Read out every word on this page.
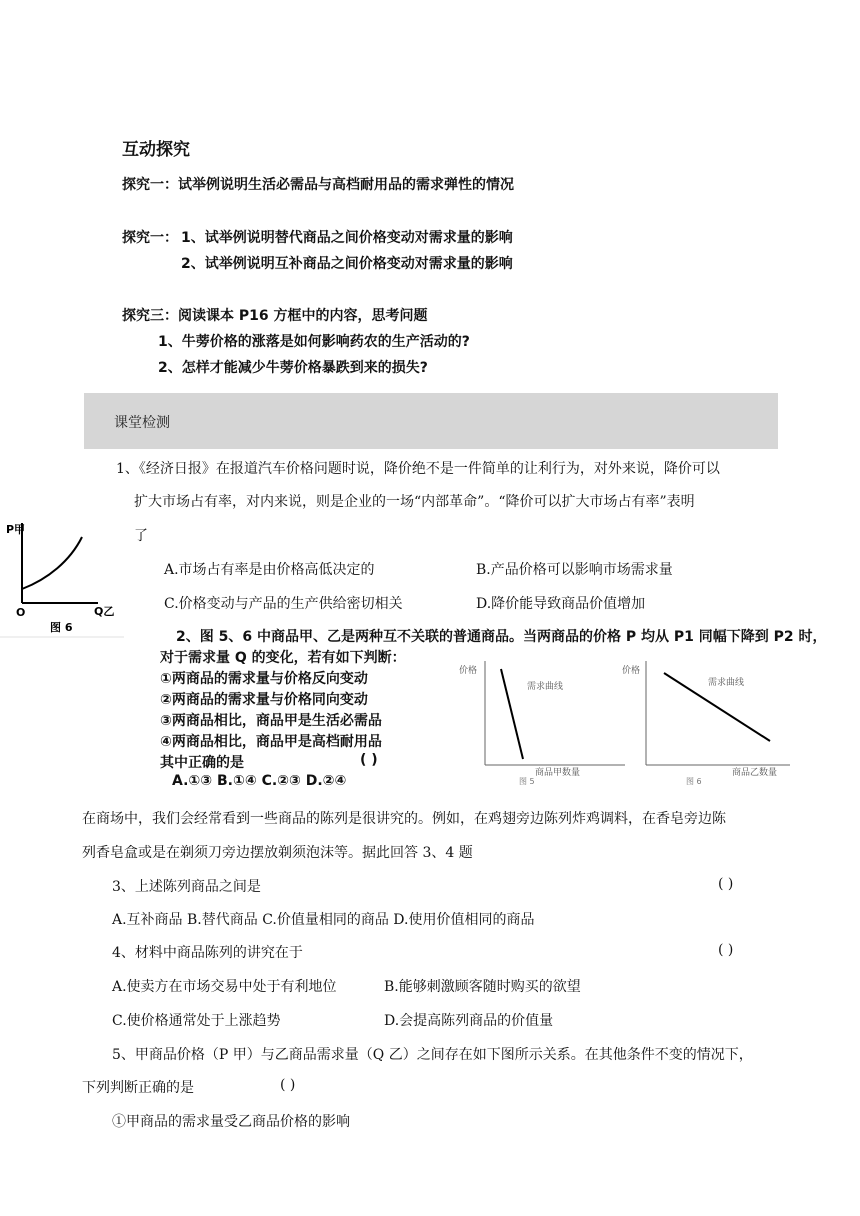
互动探究
探究一：试举例说明生活必需品与高档耐用品的需求弹性的情况
探究一： 1、试举例说明替代商品之间价格变动对需求量的影响
2、试举例说明互补商品之间价格变动对需求量的影响
探究三：阅读课本 P16 方框中的内容，思考问题
1、牛蒡价格的涨落是如何影响药农的生产活动的?
2、怎样才能减少牛蒡价格暴跌到来的损失?
课堂检测
1、《经济日报》在报道汽车价格问题时说，降价绝不是一件简单的让利行为，对外来说，降价可以
扩大市场占有率，对内来说，则是企业的一场“内部革命”。“降价可以扩大市场占有率”表明
了
A.市场占有率是由价格高低决定的	B.产品价格可以影响市场需求量
C.价格变动与产品的生产供给密切相关	D.降价能导致商品价值增加
P甲
Q乙
O
图 6
2、图 5、6 中商品甲、乙是两种互不关联的普通商品。当两商品的价格 P 均从 P1 同幅下降到 P2 时，
对于需求量 Q 的变化，若有如下判断：
①两商品的需求量与价格反向变动
②两商品的需求量与价格同向变动
③两商品相比，商品甲是生活必需品
④两商品相比，商品甲是高档耐用品
其中正确的是	( )
A.①③ B.①④ C.②③ D.②④
价格
需求曲线
商品甲数量
图 5
价格
需求曲线
商品乙数量
图 6
在商场中，我们会经常看到一些商品的陈列是很讲究的。例如，在鸡翅旁边陈列炸鸡调料，在香皂旁边陈
列香皂盒或是在剃须刀旁边摆放剃须泡沫等。据此回答 3、4 题
3、上述陈列商品之间是	( )
A.互补商品 B.替代商品 C.价值量相同的商品 D.使用价值相同的商品
4、材料中商品陈列的讲究在于	( )
A.使卖方在市场交易中处于有利地位	B.能够刺激顾客随时购买的欲望
C.使价格通常处于上涨趋势	D.会提高陈列商品的价值量
5、甲商品价格（P 甲）与乙商品需求量（Q 乙）之间存在如下图所示关系。在其他条件不变的情况下，
下列判断正确的是	( )
①甲商品的需求量受乙商品价格的影响
